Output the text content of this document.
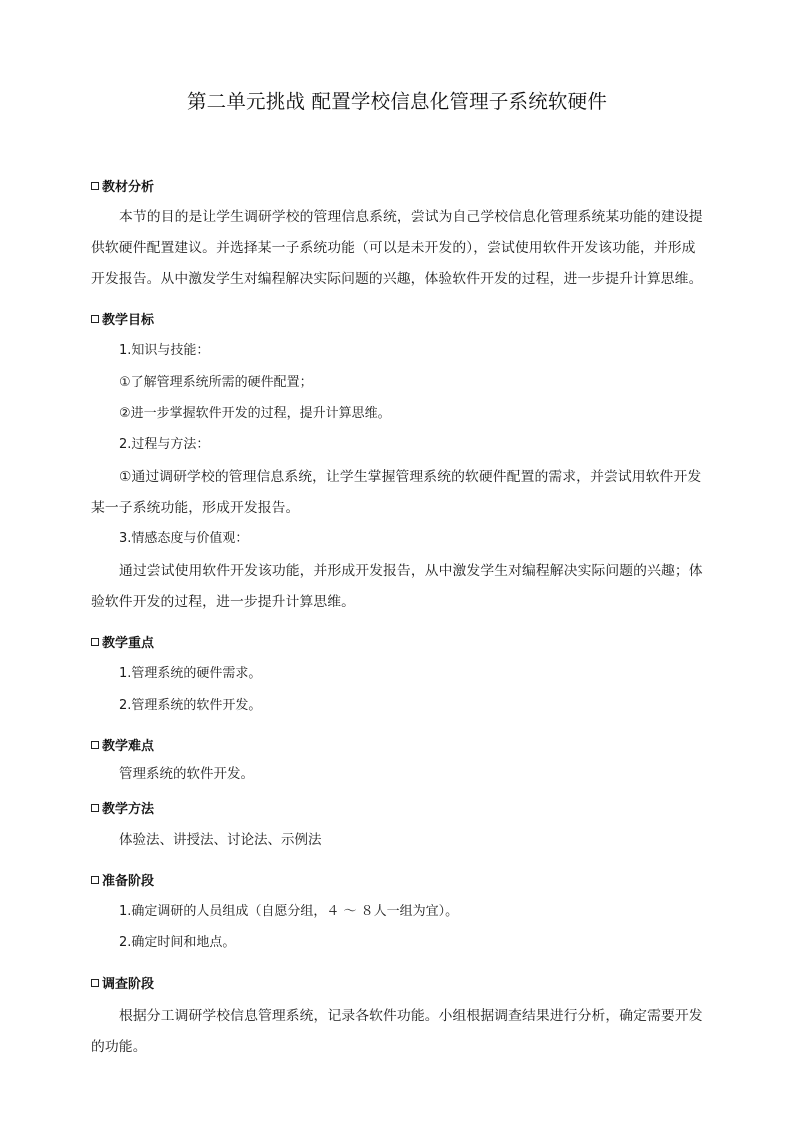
第二单元挑战 配置学校信息化管理子系统软硬件
教材分析
本节的目的是让学生调研学校的管理信息系统，尝试为自己学校信息化管理系统某功能的建设提
供软硬件配置建议。并选择某一子系统功能（可以是未开发的），尝试使用软件开发该功能，并形成
开发报告。从中激发学生对编程解决实际问题的兴趣，体验软件开发的过程，进一步提升计算思维。
教学目标
1.知识与技能：
①了解管理系统所需的硬件配置；
②进一步掌握软件开发的过程，提升计算思维。
2.过程与方法：
①通过调研学校的管理信息系统，让学生掌握管理系统的软硬件配置的需求，并尝试用软件开发
某一子系统功能，形成开发报告。
3.情感态度与价值观：
通过尝试使用软件开发该功能，并形成开发报告，从中激发学生对编程解决实际问题的兴趣；体
验软件开发的过程，进一步提升计算思维。
教学重点
1.管理系统的硬件需求。
2.管理系统的软件开发。
教学难点
管理系统的软件开发。
教学方法
体验法、讲授法、讨论法、示例法
准备阶段
1.确定调研的人员组成（自愿分组，４ ～ ８人一组为宜）。
2.确定时间和地点。
调查阶段
根据分工调研学校信息管理系统，记录各软件功能。小组根据调查结果进行分析，确定需要开发
的功能。
